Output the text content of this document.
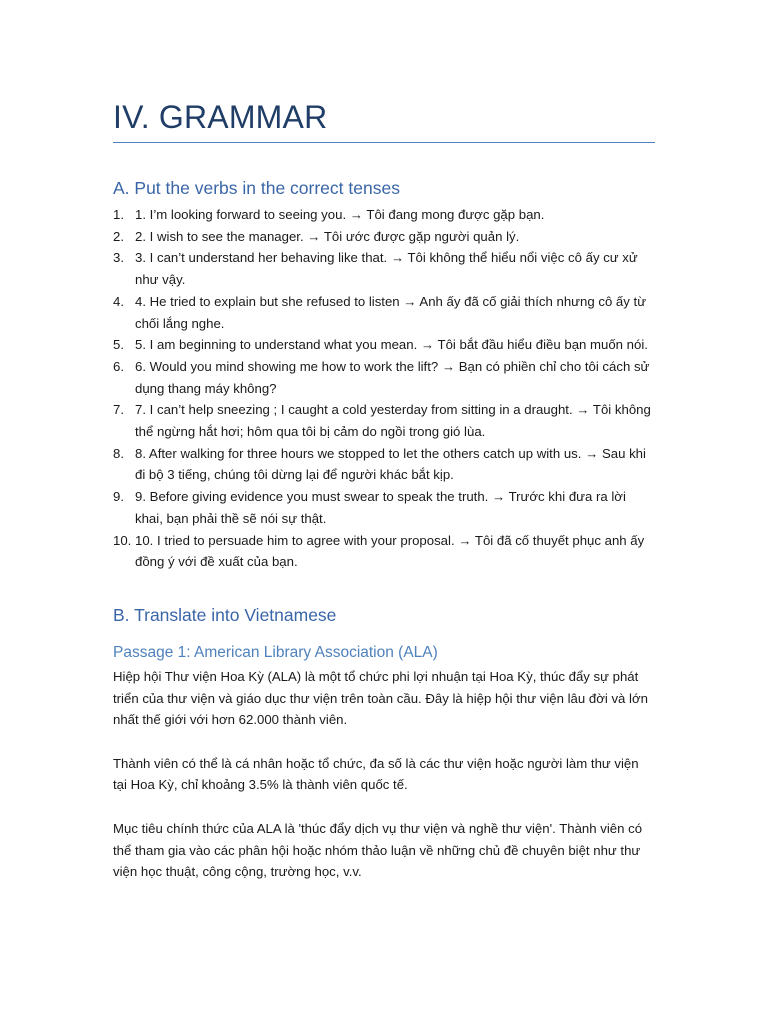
IV. GRAMMAR
A. Put the verbs in the correct tenses
1. 1. I’m looking forward to seeing you. → Tôi đang mong được gặp bạn.
2. 2. I wish to see the manager. → Tôi ước được gặp người quản lý.
3. 3. I can’t understand her behaving like that. → Tôi không thể hiểu nổi việc cô ấy cư xử như vậy.
4. 4. He tried to explain but she refused to listen → Anh ấy đã cố giải thích nhưng cô ấy từ chối lắng nghe.
5. 5. I am beginning to understand what you mean. → Tôi bắt đầu hiểu điều bạn muốn nói.
6. 6. Would you mind showing me how to work the lift? → Bạn có phiền chỉ cho tôi cách sử dụng thang máy không?
7. 7. I can’t help sneezing ; I caught a cold yesterday from sitting in a draught. → Tôi không thể ngừng hắt hơi; hôm qua tôi bị cảm do ngồi trong gió lùa.
8. 8. After walking for three hours we stopped to let the others catch up with us. → Sau khi đi bộ 3 tiếng, chúng tôi dừng lại để người khác bắt kịp.
9. 9. Before giving evidence you must swear to speak the truth. → Trước khi đưa ra lời khai, bạn phải thề sẽ nói sự thật.
10. 10. I tried to persuade him to agree with your proposal. → Tôi đã cố thuyết phục anh ấy đồng ý với đề xuất của bạn.
B. Translate into Vietnamese
Passage 1: American Library Association (ALA)

Hiệp hội Thư viện Hoa Kỳ (ALA) là một tổ chức phi lợi nhuận tại Hoa Kỳ, thúc đẩy sự phát triển của thư viện và giáo dục thư viện trên toàn cầu. Đây là hiệp hội thư viện lâu đời và lớn nhất thế giới với hơn 62.000 thành viên.

Thành viên có thể là cá nhân hoặc tổ chức, đa số là các thư viện hoặc người làm thư viện tại Hoa Kỳ, chỉ khoảng 3.5% là thành viên quốc tế.

Mục tiêu chính thức của ALA là 'thúc đẩy dịch vụ thư viện và nghề thư viện'. Thành viên có thể tham gia vào các phân hội hoặc nhóm thảo luận về những chủ đề chuyên biệt như thư viện học thuật, công cộng, trường học, v.v.
